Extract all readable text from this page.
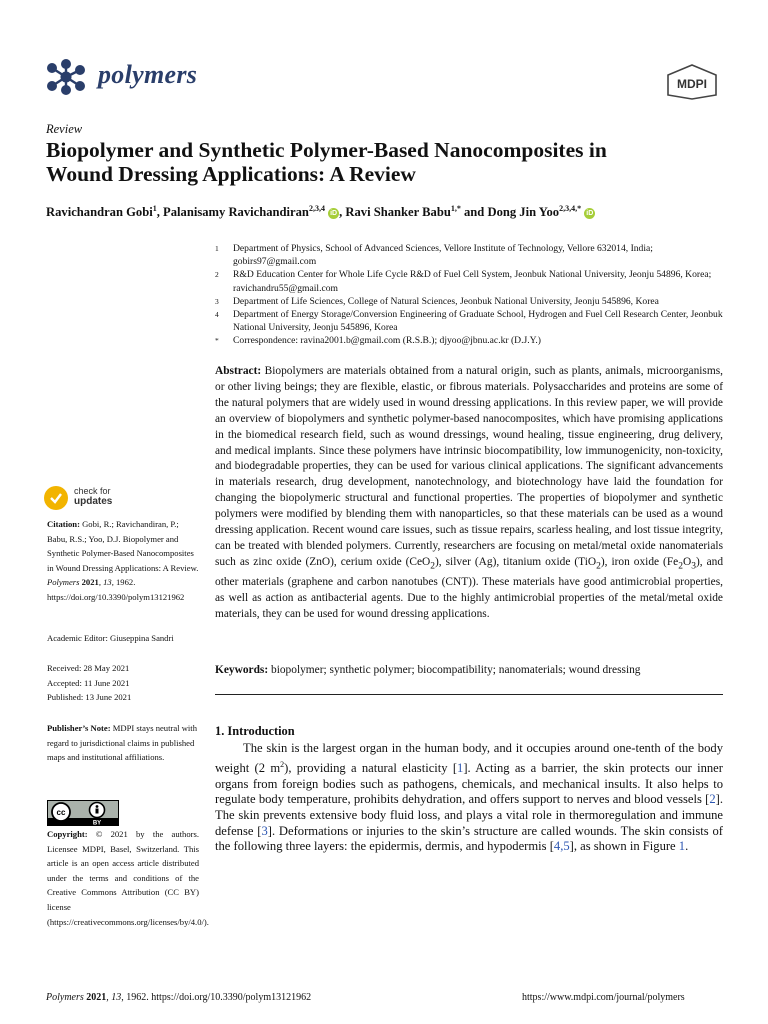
polymers	MDPI
Review
Biopolymer and Synthetic Polymer-Based Nanocomposites in
Wound Dressing Applications: A Review
Ravichandran Gobi$^1$, Palanisamy Ravichandiran$^{2,3,4}$ iD , Ravi Shanker Babu$^{1,*}$ and Dong Jin Yoo$^{2,3,4,*}$ iD
1	Department of Physics, School of Advanced Sciences, Vellore Institute of Technology, Vellore 632014, India; gobirs97@gmail.com
2	R&D Education Center for Whole Life Cycle R&D of Fuel Cell System, Jeonbuk National University, Jeonju 54896, Korea; ravichandru55@gmail.com
3	Department of Life Sciences, College of Natural Sciences, Jeonbuk National University, Jeonju 545896, Korea
4	Department of Energy Storage/Conversion Engineering of Graduate School, Hydrogen and Fuel Cell Research Center, Jeonbuk National University, Jeonju 545896, Korea
*	Correspondence: ravina2001.b@gmail.com (R.S.B.); djyoo@jbnu.ac.kr (D.J.Y.)
Abstract: Biopolymers are materials obtained from a natural origin, such as plants, animals, microorganisms, or other living beings; they are flexible, elastic, or fibrous materials. Polysaccharides and proteins are some of the natural polymers that are widely used in wound dressing applications. In this review paper, we will provide an overview of biopolymers and synthetic polymer-based nanocomposites, which have promising applications in the biomedical research field, such as wound dressings, wound healing, tissue engineering, drug delivery, and medical implants. Since these polymers have intrinsic biocompatibility, low immunogenicity, non-toxicity, and biodegradable properties, they can be used for various clinical applications. The significant advancements in materials research, drug development, nanotechnology, and biotechnology have laid the foundation for changing the biopolymeric structural and functional properties. The properties of biopolymer and synthetic polymers were modified by blending them with nanoparticles, so that these materials can be used as a wound dressing application. Recent wound care issues, such as tissue repairs, scarless healing, and lost tissue integrity, can be treated with blended polymers. Currently, researchers are focusing on metal/metal oxide nanomaterials such as zinc oxide (ZnO), cerium oxide (CeO$_2$), silver (Ag), titanium oxide (TiO$_2$), iron oxide $(Fe_2O_3)$, and other materials (graphene and carbon nanotubes (CNT)). These materials have good antimicrobial properties, as well as action as antibacterial agents. Due to the highly antimicrobial properties of the metal/metal oxide materials, they can be used for wound dressing applications.
Keywords: biopolymer; synthetic polymer; biocompatibility; nanomaterials; wound dressing
1. Introduction
The skin is the largest organ in the human body, and it occupies around one-tenth of the body weight (2 $m^2$), providing a natural elasticity [1]. Acting as a barrier, the skin protects our inner organs from foreign bodies such as pathogens, chemicals, and mechanical insults. It also helps to regulate body temperature, prohibits dehydration, and offers support to nerves and blood vessels [2]. The skin prevents extensive body fluid loss, and plays a vital role in thermoregulation and immune defense [3]. Deformations or injuries to the skin’s structure are called wounds. The skin consists of the following three layers: the epidermis, dermis, and hypodermis [4,5], as shown in Figure 1.
check for
updates
Citation: Gobi, R.; Ravichandiran, P.; Babu, R.S.; Yoo, D.J. Biopolymer and Synthetic Polymer-Based Nanocomposites in Wound Dressing Applications: A Review. Polymers 2021, 13, 1962. https://doi.org/10.3390/polym13121962
Academic Editor: Giuseppina Sandri
Received: 28 May 2021
Accepted: 11 June 2021
Published: 13 June 2021
Publisher’s Note: MDPI stays neutral with regard to jurisdictional claims in published maps and institutional affiliations.
cc
BY
Copyright: © 2021 by the authors. Licensee MDPI, Basel, Switzerland. This article is an open access article distributed under the terms and conditions of the Creative Commons Attribution (CC BY) license (https://creativecommons.org/licenses/by/4.0/).
Polymers 2021, 13, 1962. https://doi.org/10.3390/polym13121962	https://www.mdpi.com/journal/polymers
